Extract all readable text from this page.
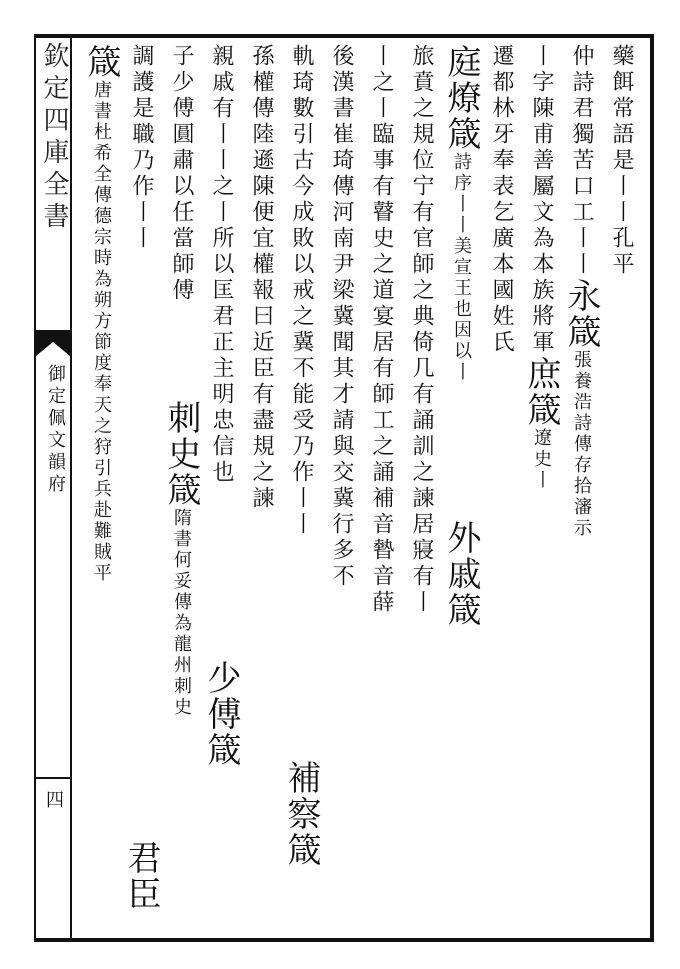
欽定四庫全書
御定佩文韻府
四
藥餌常語是丨丨孔平
仲詩君獨苦口工丨丨永箴張養浩詩傳存拾瀋示
丨字陳甫善屬文為本族將軍庶箴遼史丨
遷都林牙奉表乞廣本國姓氏
庭燎箴詩序丨丨美宣王也因以丨
旅賁之規位宁有官師之典倚几有誦訓之諫居寢有丨
丨之丨臨事有瞽史之道宴居有師工之誦補音暬音薛
後漢書崔琦傳河南尹梁冀聞其才請與交冀行多不
軌琦數引古今成敗以戒之冀不能受乃作丨丨
孫權傳陸遜陳便宜權報曰近臣有盡規之諫
親戚有丨丨之丨所以匡君正主明忠信也
子少傅圓肅以任當師傅
調護是職乃作丨丨
箴唐書杜希全傳德宗時為朔方節度奉天之狩引兵赴難賊平	外戚箴
補察箴
少傅箴
刺史箴隋書何妥傳為龍州刺史
君臣
